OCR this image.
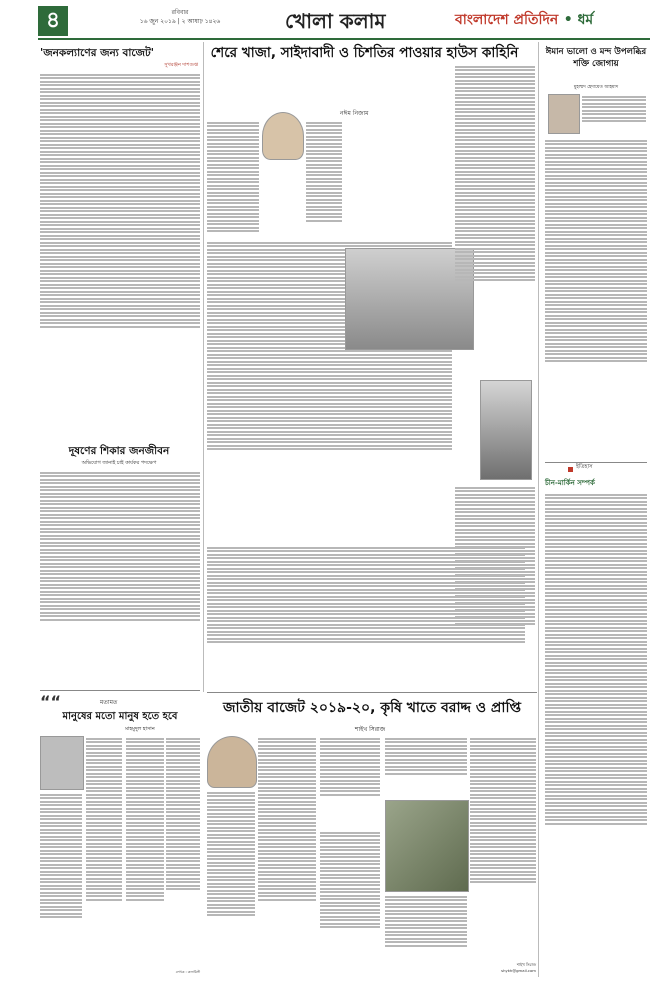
৪	রবিবার
১৬ জুন ২০১৯ | ২ আষাঢ় ১৪২৬	খোলা কলাম	বাংলাদেশ প্রতিদিন • ধর্ম
'জনকল্যাণের জন্য বাজেট'
সুখরঞ্জন দাশগুপ্ত
দূষণের শিকার জনজীবন
অভিযোগ জানাই চাই কার্যকর পদক্ষেপ
““	মতামত
মানুষের মতো মানুষ হতে হবে
মাহমুদুল হাসান
লেখক : কলামিস্ট
শেরে খাজা, সাইদাবাদী ও চিশতির পাওয়ার হাউস কাহিনি
নঈম নিজাম
জাতীয় বাজেট ২০১৯-২০, কৃষি খাতে বরাদ্দ ও প্রাপ্তি
শাইখ সিরাজ
শাইখ সিরাজ
shykh@gmail.com
ঈমান ভালো ও মন্দ উপলব্ধির শক্তি জোগায়
মুহাম্মদ হেদায়েত আহমাদ
ইতিহাস
চীন-মার্কিন সম্পর্ক
